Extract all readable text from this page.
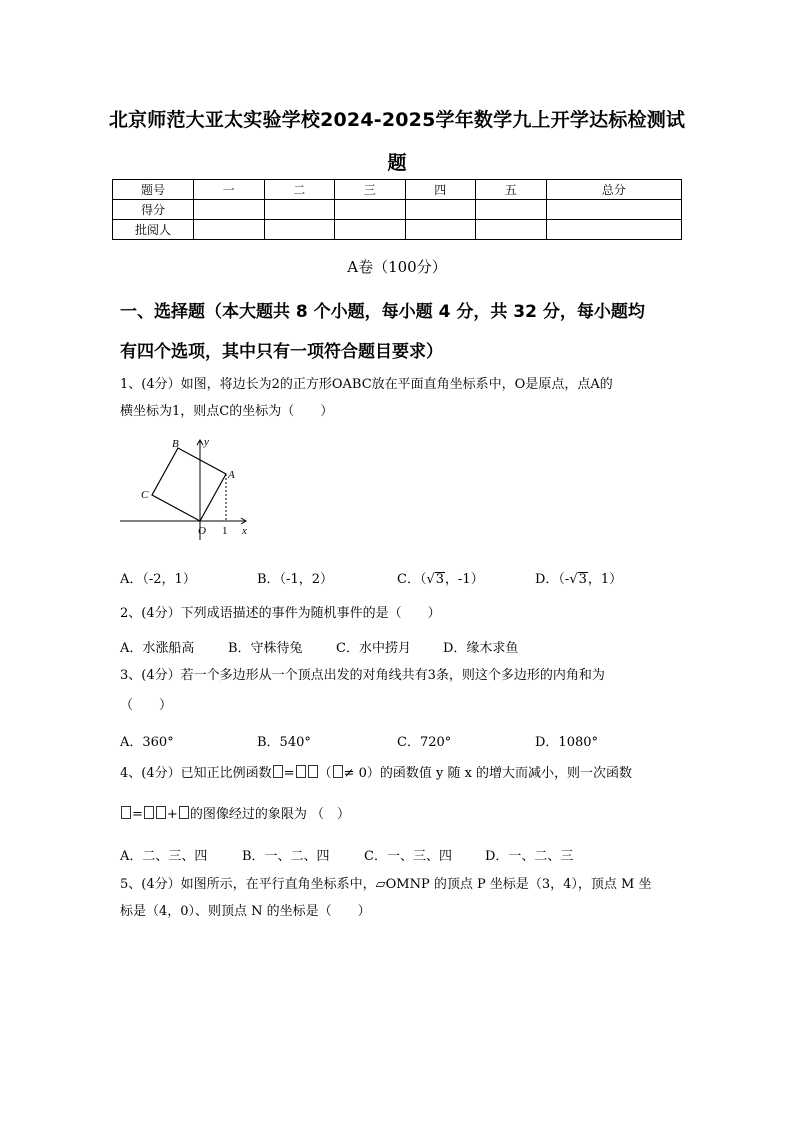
北京师范大亚太实验学校2024-2025学年数学九上开学达标检测试
题
题号	一	二	三	四	五	总分
得分						
批阅人						
A卷（100分）
一、选择题（本大题共 8 个小题，每小题 4 分，共 32 分，每小题均
有四个选项，其中只有一项符合题目要求）
1、(4分）如图，将边长为2的正方形OABC放在平面直角坐标系中，O是原点，点A的
横坐标为1，则点C的坐标为（　　）
B y
A
C
O 1 x
A．（-2，1）	B．（-1，2）	C．（√3，-1）	D．（-√3，1）
2、(4分）下列成语描述的事件为随机事件的是（　　）
A．水涨船高	B．守株待兔	C．水中捞月 D．缘木求鱼
3、(4分）若一个多边形从一个顶点出发的对角线共有3条，则这个多边形的内角和为
（　　）
A．360°	B．540°	C．720°	D．1080°
4、(4分）已知正比例函数 = （ ≠ 0）的函数值 y 随 x 的增大而减小，则一次函数
= + 的图像经过的象限为 （　）
A．二、三、四	B．一、二、四	C．一、三、四	D．一、二、三
5、(4分）如图所示，在平行直角坐标系中，▱OMNP 的顶点 P 坐标是（3，4），顶点 M 坐
标是（4，0）、则顶点 N 的坐标是（　　）
